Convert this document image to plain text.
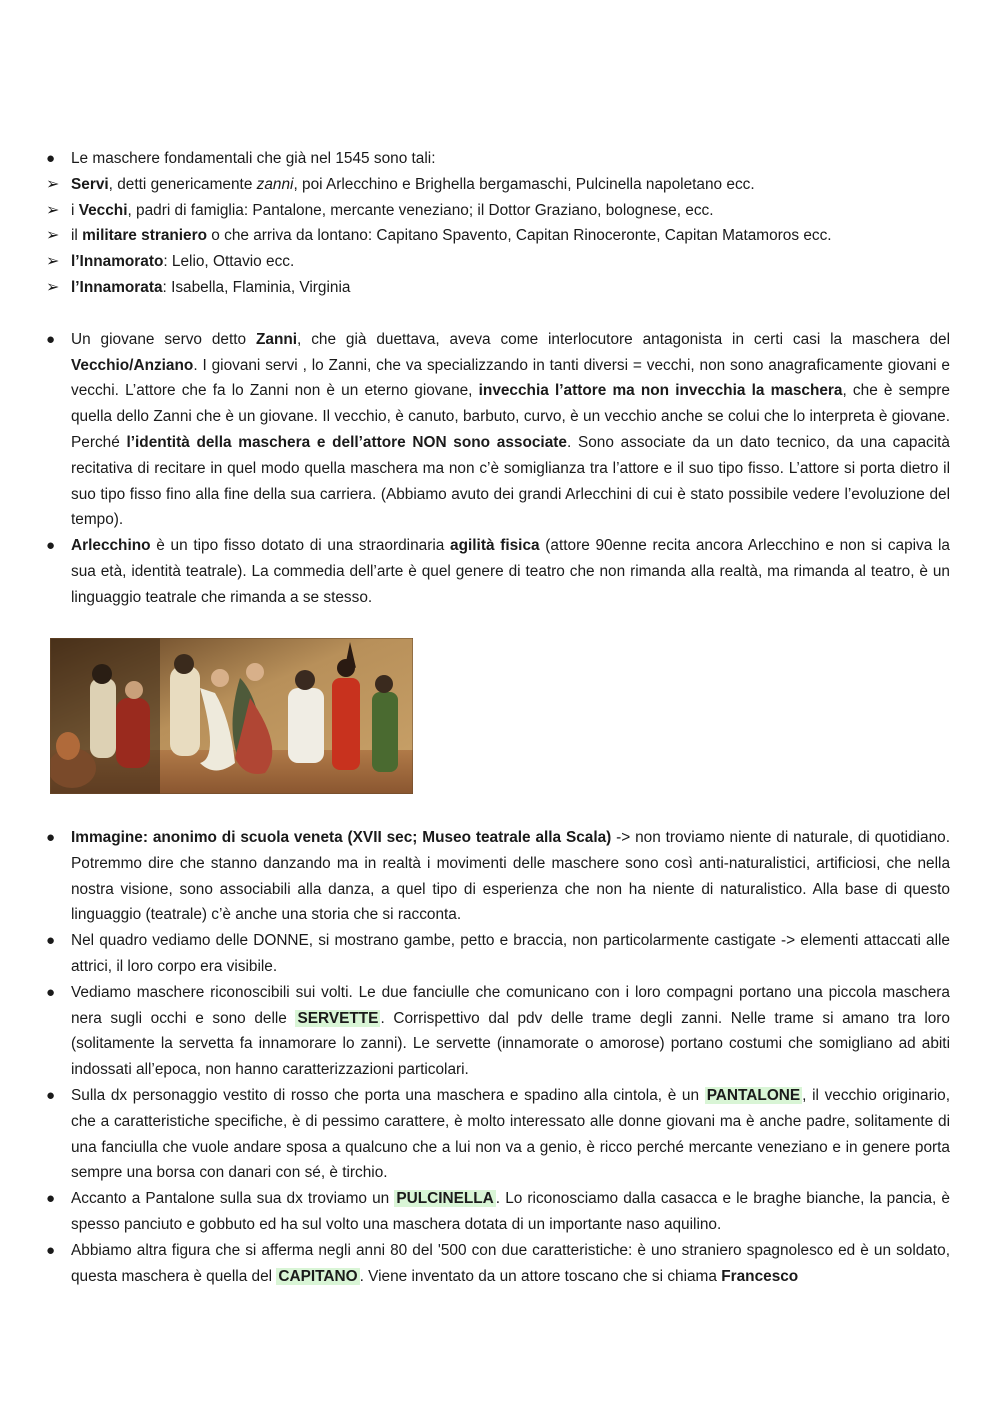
●	Le maschere fondamentali che già nel 1545 sono tali:
➢ Servi, detti genericamente zanni, poi Arlecchino e Brighella bergamaschi, Pulcinella napoletano ecc.
➢ i Vecchi, padri di famiglia: Pantalone, mercante veneziano; il Dottor Graziano, bolognese, ecc.
➢ il militare straniero o che arriva da lontano: Capitano Spavento, Capitan Rinoceronte, Capitan Matamoros ecc.
➢ l’Innamorato: Lelio, Ottavio ecc.
➢ l’Innamorata: Isabella, Flaminia, Virginia
●	Un giovane servo detto Zanni, che già duettava, aveva come interlocutore antagonista in certi casi la maschera del Vecchio/Anziano. I giovani servi , lo Zanni, che va specializzando in tanti diversi = vecchi, non sono anagraficamente giovani e vecchi. L’attore che fa lo Zanni non è un eterno giovane, invecchia l’attore ma non invecchia la maschera, che è sempre quella dello Zanni che è un giovane. Il vecchio, è canuto, barbuto, curvo, è un vecchio anche se colui che lo interpreta è giovane. Perché l’identità della maschera e dell’attore NON sono associate. Sono associate da un dato tecnico, da una capacità recitativa di recitare in quel modo quella maschera ma non c’è somiglianza tra l’attore e il suo tipo fisso. L’attore si porta dietro il suo tipo fisso fino alla fine della sua carriera. (Abbiamo avuto dei grandi Arlecchini di cui è stato possibile vedere l’evoluzione del tempo).
●	Arlecchino è un tipo fisso dotato di una straordinaria agilità fisica (attore 90enne recita ancora Arlecchino e non si capiva la sua età, identità teatrale). La commedia dell’arte è quel genere di teatro che non rimanda alla realtà, ma rimanda al teatro, è un linguaggio teatrale che rimanda a se stesso.
●	Immagine: anonimo di scuola veneta (XVII sec; Museo teatrale alla Scala) -> non troviamo niente di naturale, di quotidiano. Potremmo dire che stanno danzando ma in realtà i movimenti delle maschere sono così anti-naturalistici, artificiosi, che nella nostra visione, sono associabili alla danza, a quel tipo di esperienza che non ha niente di naturalistico. Alla base di questo linguaggio (teatrale) c’è anche una storia che si racconta.
●	Nel quadro vediamo delle DONNE, si mostrano gambe, petto e braccia, non particolarmente castigate -> elementi attaccati alle attrici, il loro corpo era visibile.
●	Vediamo maschere riconoscibili sui volti. Le due fanciulle che comunicano con i loro compagni portano una piccola maschera nera sugli occhi e sono delle SERVETTE . Corrispettivo dal pdv delle trame degli zanni. Nelle trame si amano tra loro (solitamente la servetta fa innamorare lo zanni). Le servette (innamorate o amorose) portano costumi che somigliano ad abiti indossati all’epoca, non hanno caratterizzazioni particolari.
●	Sulla dx personaggio vestito di rosso che porta una maschera e spadino alla cintola, è un PANTALONE , il vecchio originario, che a caratteristiche specifiche, è di pessimo carattere, è molto interessato alle donne giovani ma è anche padre, solitamente di una fanciulla che vuole andare sposa a qualcuno che a lui non va a genio, è ricco perché mercante veneziano e in genere porta sempre una borsa con danari con sé, è tirchio.
●	Accanto a Pantalone sulla sua dx troviamo un PULCINELLA . Lo riconosciamo dalla casacca e le braghe bianche, la pancia, è spesso panciuto e gobbuto ed ha sul volto una maschera dotata di un importante naso aquilino.
●	Abbiamo altra figura che si afferma negli anni 80 del '500 con due caratteristiche: è uno straniero spagnolesco ed è un soldato, questa maschera è quella del CAPITANO . Viene inventato da un attore toscano che si chiama Francesco
